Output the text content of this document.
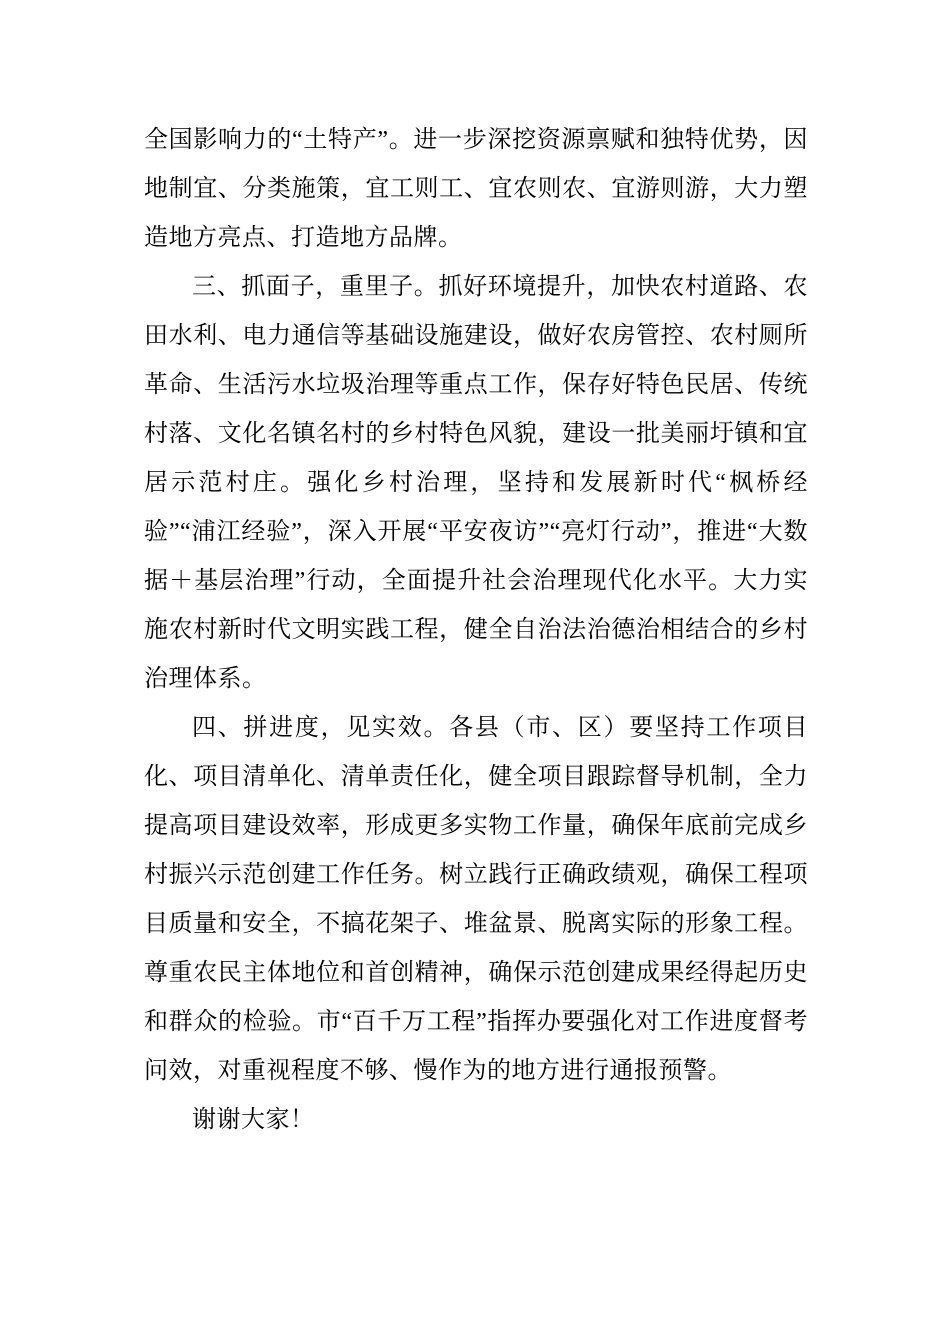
全国影响力的“土特产”。进一步深挖资源禀赋和独特优势，因地制宜、分类施策，宜工则工、宜农则农、宜游则游，大力塑造地方亮点、打造地方品牌。

三、抓面子，重里子。抓好环境提升，加快农村道路、农田水利、电力通信等基础设施建设，做好农房管控、农村厕所革命、生活污水垃圾治理等重点工作，保存好特色民居、传统村落、文化名镇名村的乡村特色风貌，建设一批美丽圩镇和宜居示范村庄。强化乡村治理，坚持和发展新时代“枫桥经验”“浦江经验”，深入开展“平安夜访”“亮灯行动”，推进“大数据＋基层治理”行动，全面提升社会治理现代化水平。大力实施农村新时代文明实践工程，健全自治法治德治相结合的乡村治理体系。

四、拼进度，见实效。各县（市、区）要坚持工作项目化、项目清单化、清单责任化，健全项目跟踪督导机制，全力提高项目建设效率，形成更多实物工作量，确保年底前完成乡村振兴示范创建工作任务。树立践行正确政绩观，确保工程项目质量和安全，不搞花架子、堆盆景、脱离实际的形象工程。尊重农民主体地位和首创精神，确保示范创建成果经得起历史和群众的检验。市“百千万工程”指挥办要强化对工作进度督考问效，对重视程度不够、慢作为的地方进行通报预警。

谢谢大家！
